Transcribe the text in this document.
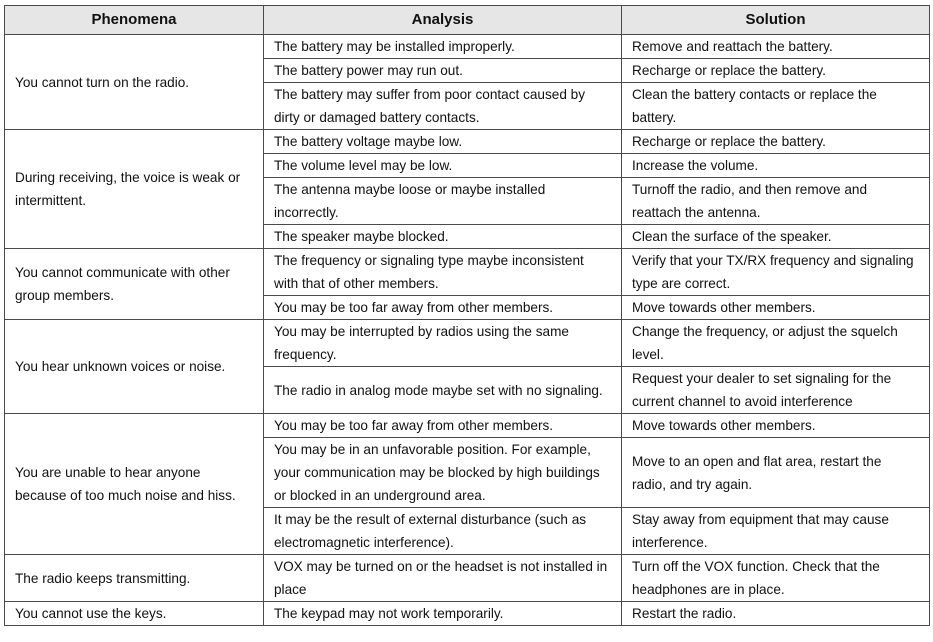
Phenomena	Analysis	Solution
You cannot turn on the radio.	The battery may be installed improperly.	Remove and reattach the battery.
	The battery power may run out.	Recharge or replace the battery.
	The battery may suffer from poor contact caused by dirty or damaged battery contacts.	Clean the battery contacts or replace the battery.
During receiving, the voice is weak or intermittent.	The battery voltage maybe low.	Recharge or replace the battery.
	The volume level may be low.	Increase the volume.
	The antenna maybe loose or maybe installed incorrectly.	Turnoff the radio, and then remove and reattach the antenna.
	The speaker maybe blocked.	Clean the surface of the speaker.
You cannot communicate with other group members.	The frequency or signaling type maybe inconsistent with that of other members.	Verify that your TX/RX frequency and signaling type are correct.
	You may be too far away from other members.	Move towards other members.
You hear unknown voices or noise.	You may be interrupted by radios using the same frequency.	Change the frequency, or adjust the squelch level.
	The radio in analog mode maybe set with no signaling.	Request your dealer to set signaling for the current channel to avoid interference
You are unable to hear anyone because of too much noise and hiss.	You may be too far away from other members.	Move towards other members.
	You may be in an unfavorable position. For example, your communication may be blocked by high buildings or blocked in an underground area.	Move to an open and flat area, restart the radio, and try again.
	It may be the result of external disturbance (such as electromagnetic interference).	Stay away from equipment that may cause interference.
The radio keeps transmitting.	VOX may be turned on or the headset is not installed in place	Turn off the VOX function. Check that the headphones are in place.
You cannot use the keys.	The keypad may not work temporarily.	Restart the radio.
